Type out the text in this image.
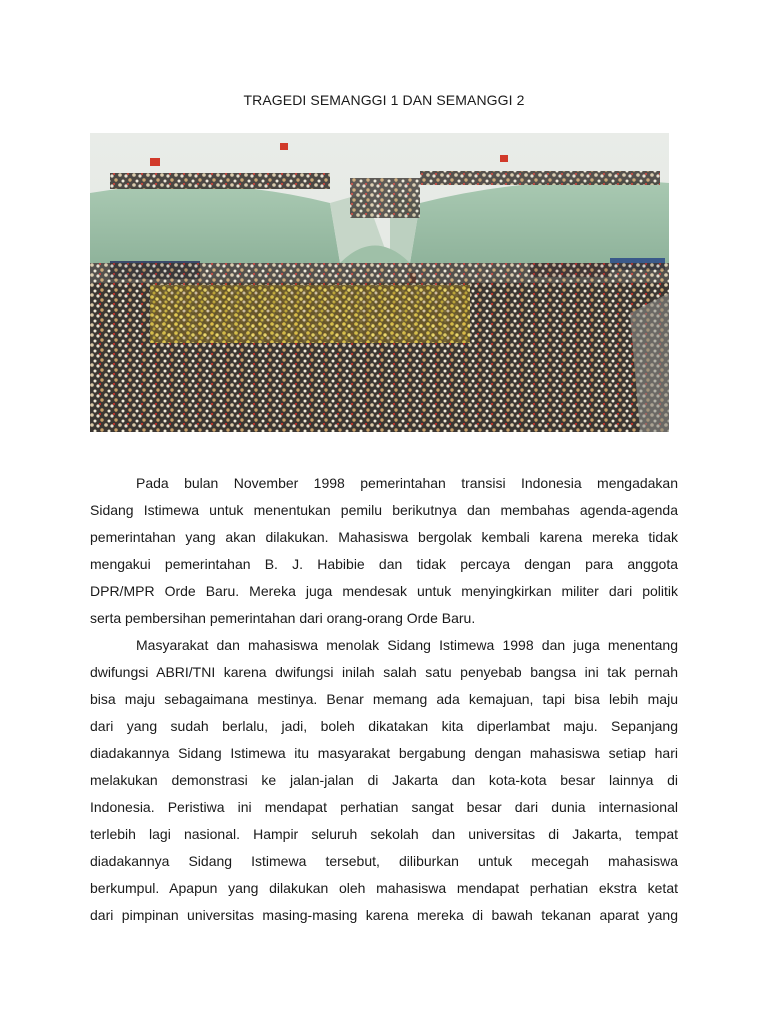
TRAGEDI SEMANGGI 1 DAN SEMANGGI 2
Pada bulan November 1998 pemerintahan transisi Indonesia mengadakan
Sidang Istimewa untuk menentukan pemilu berikutnya dan membahas agenda-agenda
pemerintahan yang akan dilakukan. Mahasiswa bergolak kembali karena mereka tidak
mengakui pemerintahan B. J. Habibie dan tidak percaya dengan para anggota
DPR/MPR Orde Baru. Mereka juga mendesak untuk menyingkirkan militer dari politik
serta pembersihan pemerintahan dari orang-orang Orde Baru.
Masyarakat dan mahasiswa menolak Sidang Istimewa 1998 dan juga menentang
dwifungsi ABRI/TNI karena dwifungsi inilah salah satu penyebab bangsa ini tak pernah
bisa maju sebagaimana mestinya. Benar memang ada kemajuan, tapi bisa lebih maju
dari yang sudah berlalu, jadi, boleh dikatakan kita diperlambat maju. Sepanjang
diadakannya Sidang Istimewa itu masyarakat bergabung dengan mahasiswa setiap hari
melakukan demonstrasi ke jalan-jalan di Jakarta dan kota-kota besar lainnya di
Indonesia. Peristiwa ini mendapat perhatian sangat besar dari dunia internasional
terlebih lagi nasional. Hampir seluruh sekolah dan universitas di Jakarta, tempat
diadakannya Sidang Istimewa tersebut, diliburkan untuk mecegah mahasiswa
berkumpul. Apapun yang dilakukan oleh mahasiswa mendapat perhatian ekstra ketat
dari pimpinan universitas masing-masing karena mereka di bawah tekanan aparat yang
